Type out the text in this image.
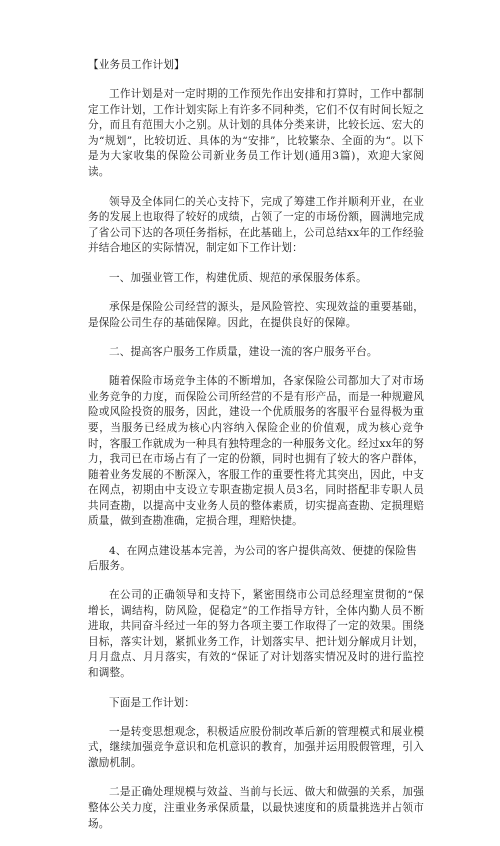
【业务员工作计划】

工作计划是对一定时期的工作预先作出安排和打算时，工作中都制定工作计划，工作计划实际上有许多不同种类，它们不仅有时间长短之分，而且有范围大小之别。从计划的具体分类来讲，比较长远、宏大的为“规划”，比较切近、具体的为“安排”，比较繁杂、全面的为“。以下是为大家收集的保险公司新业务员工作计划(通用3篇)，欢迎大家阅读。

领导及全体同仁的关心支持下，完成了筹建工作并顺利开业，在业务的发展上也取得了较好的成绩，占领了一定的市场份额，圆满地完成了省公司下达的各项任务指标，在此基础上，公司总结xx年的工作经验并结合地区的实际情况，制定如下工作计划：

一、加强业管工作，构建优质、规范的承保服务体系。

承保是保险公司经营的源头，是风险管控、实现效益的重要基础，是保险公司生存的基础保障。因此，在提供良好的保障。

二、提高客户服务工作质量，建设一流的客户服务平台。

随着保险市场竞争主体的不断增加，各家保险公司都加大了对市场业务竞争的力度，而保险公司所经营的不是有形产品，而是一种规避风险或风险投资的服务，因此，建设一个优质服务的客服平台显得极为重要，当服务已经成为核心内容纳入保险企业的价值观，成为核心竞争时，客服工作就成为一种具有独特理念的一种服务文化。经过xx年的努力，我司已在市场占有了一定的份额，同时也拥有了较大的客户群体，随着业务发展的不断深入，客服工作的重要性将尤其突出，因此，中支在网点，初期由中支设立专职查勘定损人员3名，同时搭配非专职人员共同查勘，以提高中支业务人员的整体素质，切实提高查勘、定损理赔质量，做到查勘准确，定损合理，理赔快捷。

4、在网点建设基本完善，为公司的客户提供高效、便捷的保险售后服务。

在公司的正确领导和支持下，紧密围绕市公司总经理室贯彻的“保增长，调结构，防风险，促稳定”的工作指导方针，全体内勤人员不断进取，共同奋斗经过一年的努力各项主要工作取得了一定的效果。围绕目标，落实计划，紧抓业务工作，计划落实早、把计划分解成月计划，月月盘点、月月落实，有效的“保证了对计划落实情况及时的进行监控和调整。

下面是工作计划：

一是转变思想观念，积极适应股份制改革后新的管理模式和展业模式，继续加强竞争意识和危机意识的教育，加强并运用股假管理，引入激励机制。

二是正确处理规模与效益、当前与长远、做大和做强的关系，加强整体公关力度，注重业务承保质量，以最快速度和的质量挑选并占领市场。
